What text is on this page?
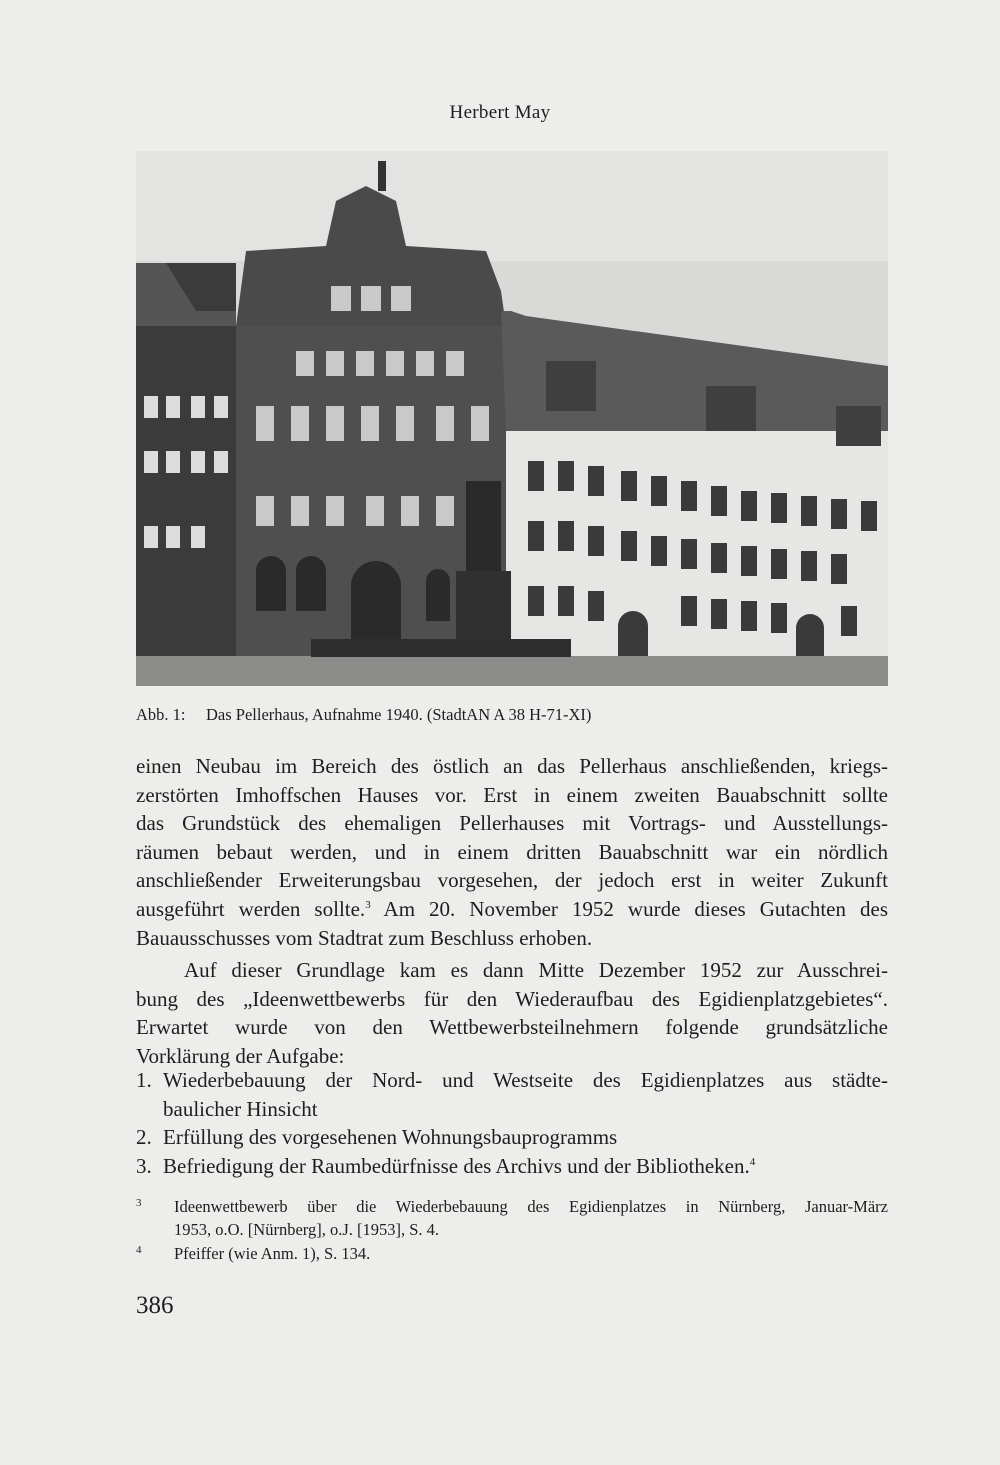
Herbert May
Abb. 1: Das Pellerhaus, Aufnahme 1940. (StadtAN A 38 H-71-XI)

einen Neubau im Bereich des östlich an das Pellerhaus anschließenden, kriegs-
zerstörten Imhoffschen Hauses vor. Erst in einem zweiten Bauabschnitt sollte
das Grundstück des ehemaligen Pellerhauses mit Vortrags- und Ausstellungs-
räumen bebaut werden, und in einem dritten Bauabschnitt war ein nördlich
anschließender Erweiterungsbau vorgesehen, der jedoch erst in weiter Zukunft
ausgeführt werden sollte.$^3$ Am 20. November 1952 wurde dieses Gutachten des
Bauausschusses vom Stadtrat zum Beschluss erhoben.

Auf dieser Grundlage kam es dann Mitte Dezember 1952 zur Ausschrei-
bung des „Ideenwettbewerbs für den Wiederaufbau des Egidienplatzgebietes“.
Erwartet wurde von den Wettbewerbsteilnehmern folgende grundsätzliche
Vorklärung der Aufgabe:

1. Wiederbebauung der Nord- und Westseite des Egidienplatzes aus städte-
baulicher Hinsicht
2. Erfüllung des vorgesehenen Wohnungsbauprogramms
3. Befriedigung der Raumbedürfnisse des Archivs und der Bibliotheken.$^4$
3	Ideenwettbewerb über die Wiederbebauung des Egidienplatzes in Nürnberg, Januar-März
1953, o.O. [Nürnberg], o.J. [1953], S. 4.
4	Pfeiffer (wie Anm. 1), S. 134.
386
